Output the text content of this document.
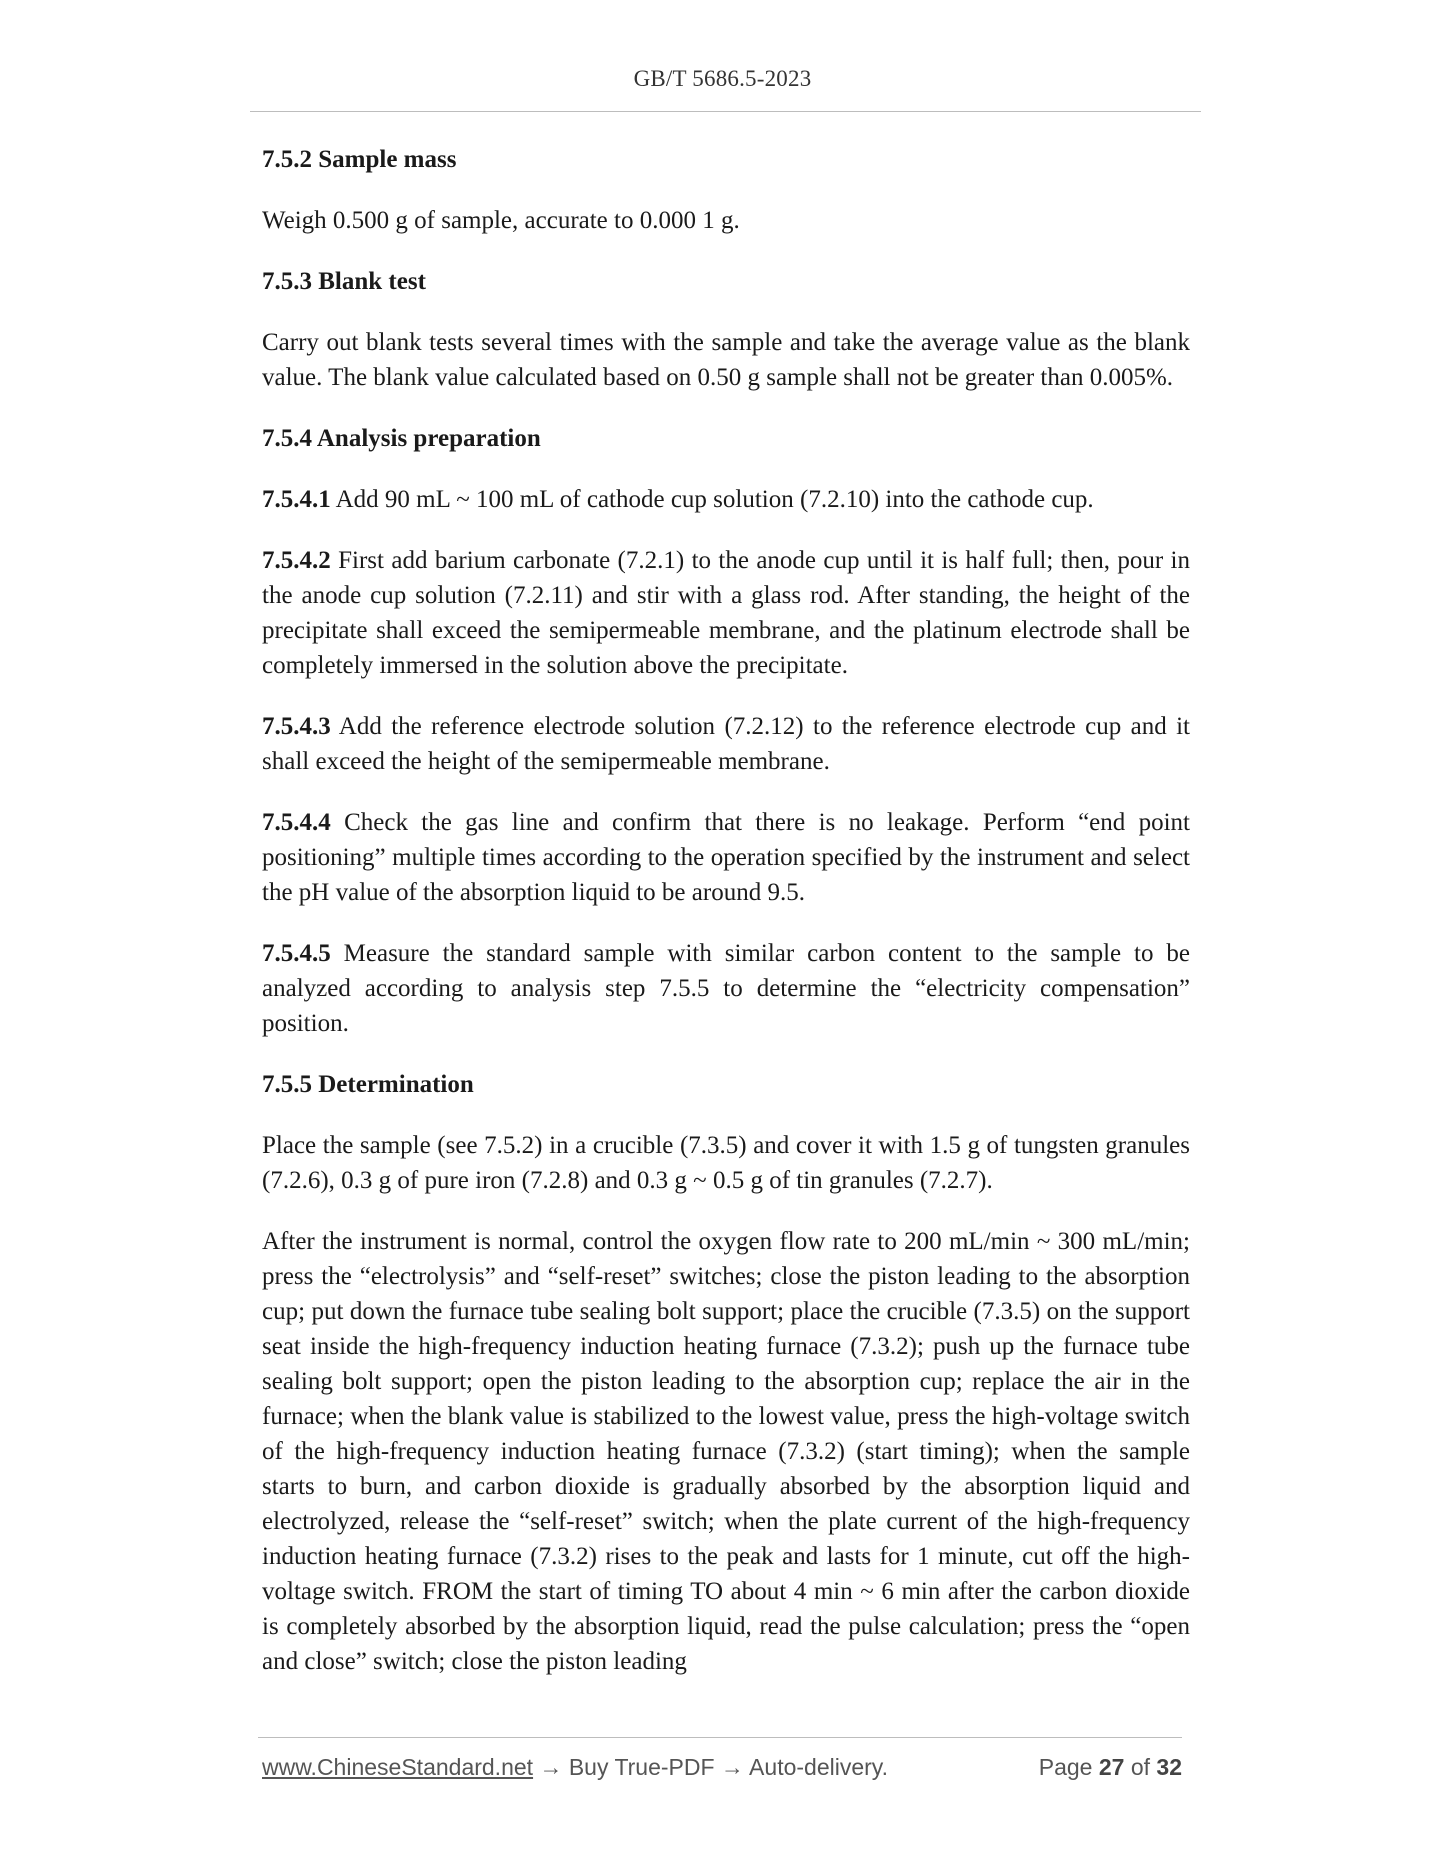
GB/T 5686.5-2023
7.5.2 Sample mass

Weigh 0.500 g of sample, accurate to 0.000 1 g.

7.5.3 Blank test

Carry out blank tests several times with the sample and take the average value as the blank value. The blank value calculated based on 0.50 g sample shall not be greater than 0.005%.

7.5.4 Analysis preparation

7.5.4.1 Add 90 mL ~ 100 mL of cathode cup solution (7.2.10) into the cathode cup.

7.5.4.2 First add barium carbonate (7.2.1) to the anode cup until it is half full; then, pour in the anode cup solution (7.2.11) and stir with a glass rod. After standing, the height of the precipitate shall exceed the semipermeable membrane, and the platinum electrode shall be completely immersed in the solution above the precipitate.

7.5.4.3 Add the reference electrode solution (7.2.12) to the reference electrode cup and it shall exceed the height of the semipermeable membrane.

7.5.4.4 Check the gas line and confirm that there is no leakage. Perform “end point positioning” multiple times according to the operation specified by the instrument and select the pH value of the absorption liquid to be around 9.5.

7.5.4.5 Measure the standard sample with similar carbon content to the sample to be analyzed according to analysis step 7.5.5 to determine the “electricity compensation” position.

7.5.5 Determination

Place the sample (see 7.5.2) in a crucible (7.3.5) and cover it with 1.5 g of tungsten granules (7.2.6), 0.3 g of pure iron (7.2.8) and 0.3 g ~ 0.5 g of tin granules (7.2.7).

After the instrument is normal, control the oxygen flow rate to 200 mL/min ~ 300 mL/min; press the “electrolysis” and “self-reset” switches; close the piston leading to the absorption cup; put down the furnace tube sealing bolt support; place the crucible (7.3.5) on the support seat inside the high-frequency induction heating furnace (7.3.2); push up the furnace tube sealing bolt support; open the piston leading to the absorption cup; replace the air in the furnace; when the blank value is stabilized to the lowest value, press the high-voltage switch of the high-frequency induction heating furnace (7.3.2) (start timing); when the sample starts to burn, and carbon dioxide is gradually absorbed by the absorption liquid and electrolyzed, release the “self-reset” switch; when the plate current of the high-frequency induction heating furnace (7.3.2) rises to the peak and lasts for 1 minute, cut off the high-voltage switch. FROM the start of timing TO about 4 min ~ 6 min after the carbon dioxide is completely absorbed by the absorption liquid, read the pulse calculation; press the “open and close” switch; close the piston leading

www.ChineseStandard.net → Buy True-PDF → Auto-delivery.	Page 27 of 32
